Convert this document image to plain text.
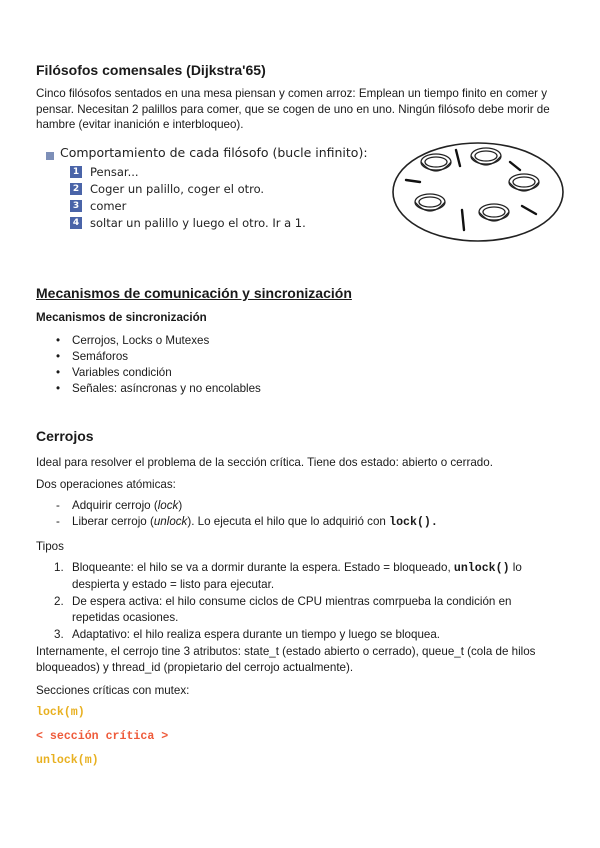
Filósofos comensales (Dijkstra'65)
Cinco filósofos sentados en una mesa piensan y comen arroz: Emplean un tiempo finito en comer y pensar. Necesitan 2 palillos para comer, que se cogen de uno en uno. Ningún filósofo debe morir de hambre (evitar inanición e interbloqueo).
Comportamiento de cada filósofo (bucle infinito):
1 Pensar...
2 Coger un palillo, coger el otro.
3 comer
4 soltar un palillo y luego el otro. Ir a 1.
Mecanismos de comunicación y sincronización
Mecanismos de sincronización
• Cerrojos, Locks o Mutexes
• Semáforos
• Variables condición
• Señales: asíncronas y no encolables
Cerrojos
Ideal para resolver el problema de la sección crítica. Tiene dos estado: abierto o cerrado.
Dos operaciones atómicas:
- Adquirir cerrojo (lock)
- Liberar cerrojo (unlock). Lo ejecuta el hilo que lo adquirió con lock().
Tipos
1. Bloqueante: el hilo se va a dormir durante la espera. Estado = bloqueado, unlock() lo despierta y estado = listo para ejecutar.
2. De espera activa: el hilo consume ciclos de CPU mientras comrpueba la condición en repetidas ocasiones.
3. Adaptativo: el hilo realiza espera durante un tiempo y luego se bloquea.
Internamente, el cerrojo tine 3 atributos: state_t (estado abierto o cerrado), queue_t (cola de hilos bloqueados) y thread_id (propietario del cerrojo actualmente).
Secciones críticas con mutex:
lock(m)
< sección crítica >
unlock(m)
